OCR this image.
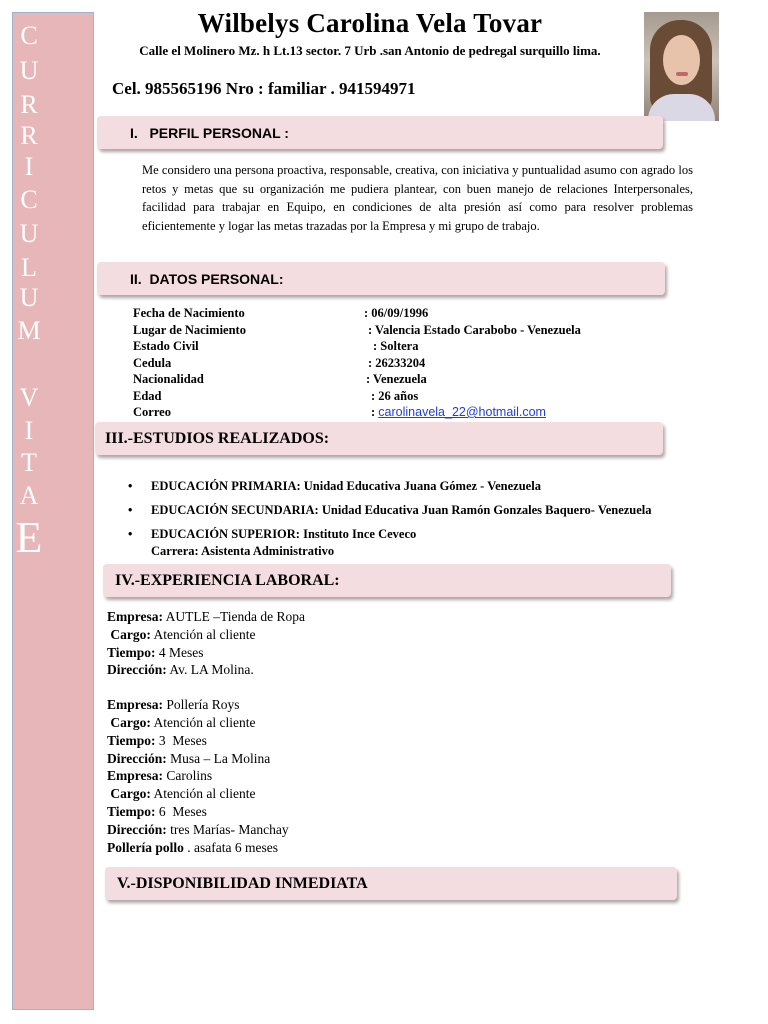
C
U
R
R
I
C
U
L
U
M
V
I
T
A
E
Wilbelys Carolina Vela Tovar
Calle el Molinero Mz. h Lt.13 sector. 7 Urb .san Antonio de pedregal surquillo lima.
Cel. 985565196 Nro : familiar . 941594971
I.   PERFIL PERSONAL :
Me considero una persona proactiva, responsable, creativa, con iniciativa y puntualidad asumo con agrado los retos y metas que su organización me pudiera plantear, con buen manejo de relaciones Interpersonales, facilidad para trabajar en Equipo, en condiciones de alta presión así como para resolver problemas eficientemente y logar las metas trazadas por la Empresa y mi grupo de trabajo.
II.  DATOS PERSONAL:
Fecha de Nacimiento	: 06/09/1996
Lugar de Nacimiento	: Valencia Estado Carabobo - Venezuela
Estado Civil	: Soltera
Cedula	: 26233204
Nacionalidad	: Venezuela
Edad	: 26 años
Correo	: carolinavela_22@hotmail.com
III.-ESTUDIOS REALIZADOS:
• EDUCACIÓN PRIMARIA: Unidad Educativa Juana Gómez - Venezuela
• EDUCACIÓN SECUNDARIA: Unidad Educativa Juan Ramón Gonzales Baquero- Venezuela
• EDUCACIÓN SUPERIOR: Instituto Ince Ceveco
Carrera: Asistenta Administrativo
IV.-EXPERIENCIA LABORAL:
Empresa: AUTLE –Tienda de Ropa
Cargo: Atención al cliente
Tiempo: 4 Meses
Dirección: Av. LA Molina.
Empresa: Pollería Roys
Cargo: Atención al cliente
Tiempo: 3  Meses
Dirección: Musa – La Molina
Empresa: Carolins
Cargo: Atención al cliente
Tiempo: 6  Meses
Dirección: tres Marías- Manchay
Pollería pollo . asafata 6 meses
V.-DISPONIBILIDAD INMEDIATA
